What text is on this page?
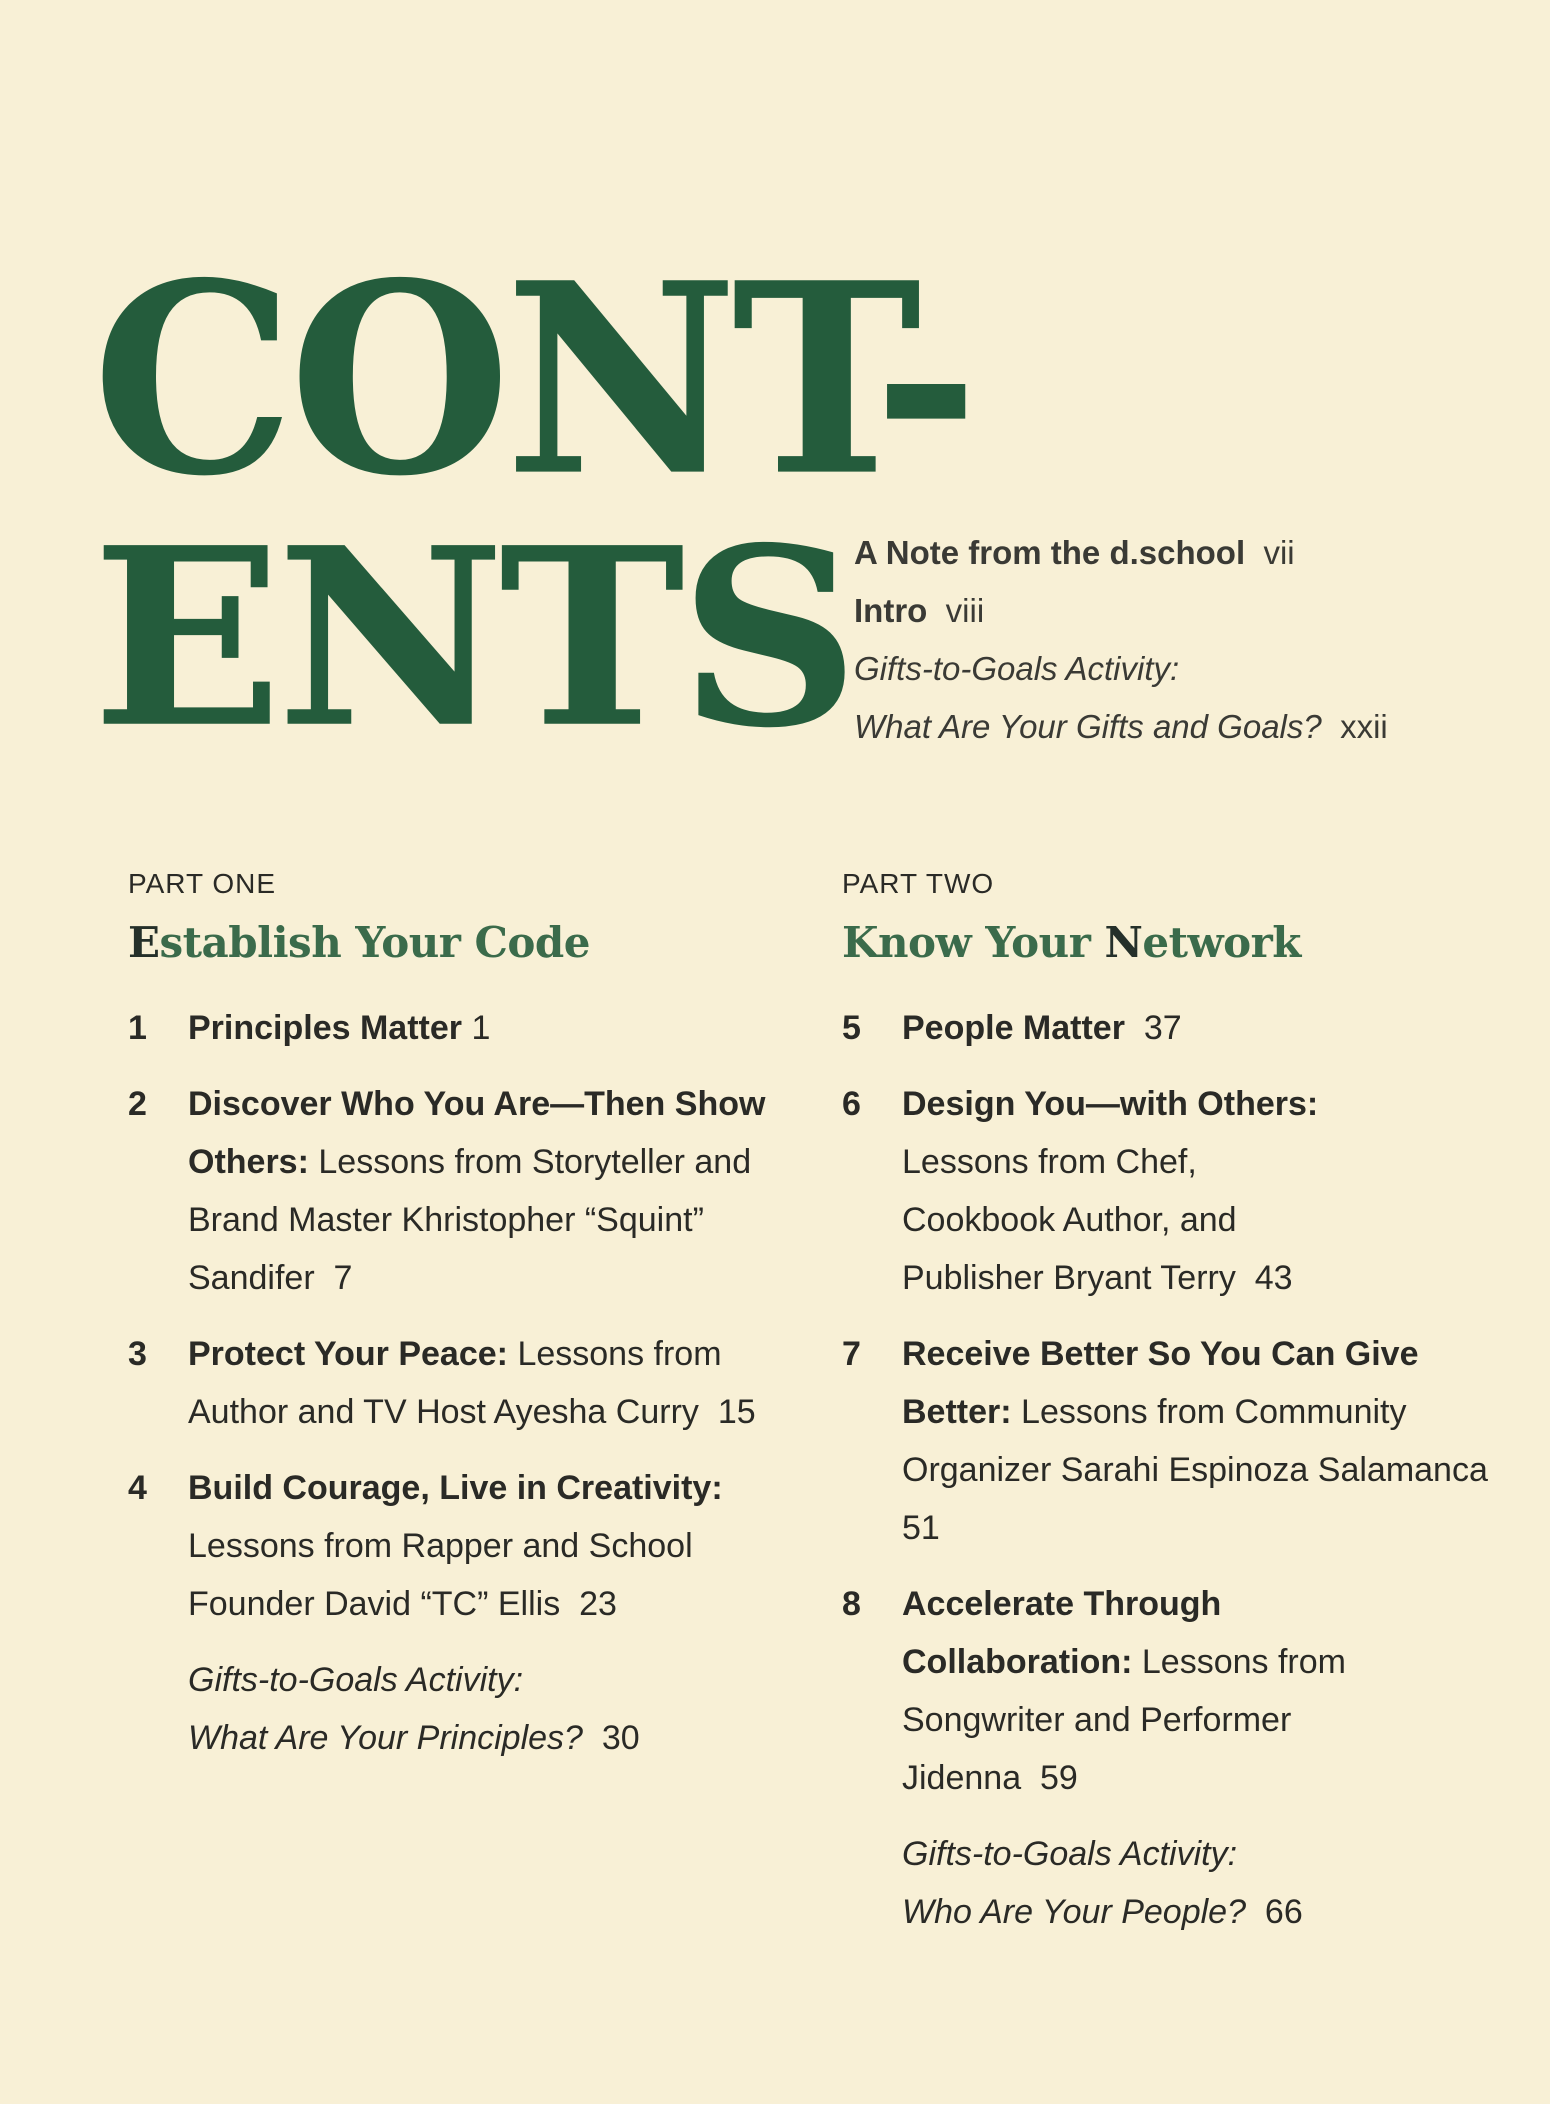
CONT-
ENTS A Note from the d.school vii
Intro viii
Gifts-to-Goals Activity:
What Are Your Gifts and Goals? xxii
PART ONE
Establish Your Code
1	Principles Matter 1
2	Discover Who You Are—Then Show Others: Lessons from Storyteller and Brand Master Khristopher “Squint” Sandifer 7
3	Protect Your Peace: Lessons from Author and TV Host Ayesha Curry 15
4	Build Courage, Live in Creativity: Lessons from Rapper and School Founder David “TC” Ellis 23
Gifts-to-Goals Activity:
What Are Your Principles? 30
PART TWO
Know Your Network
5	People Matter 37
6	Design You—with Others: Lessons from Chef, Cookbook Author, and Publisher Bryant Terry 43
7	Receive Better So You Can Give Better: Lessons from Community Organizer Sarahi Espinoza Salamanca  51
8	Accelerate Through Collaboration: Lessons from Songwriter and Performer Jidenna 59
Gifts-to-Goals Activity:
Who Are Your People? 66
